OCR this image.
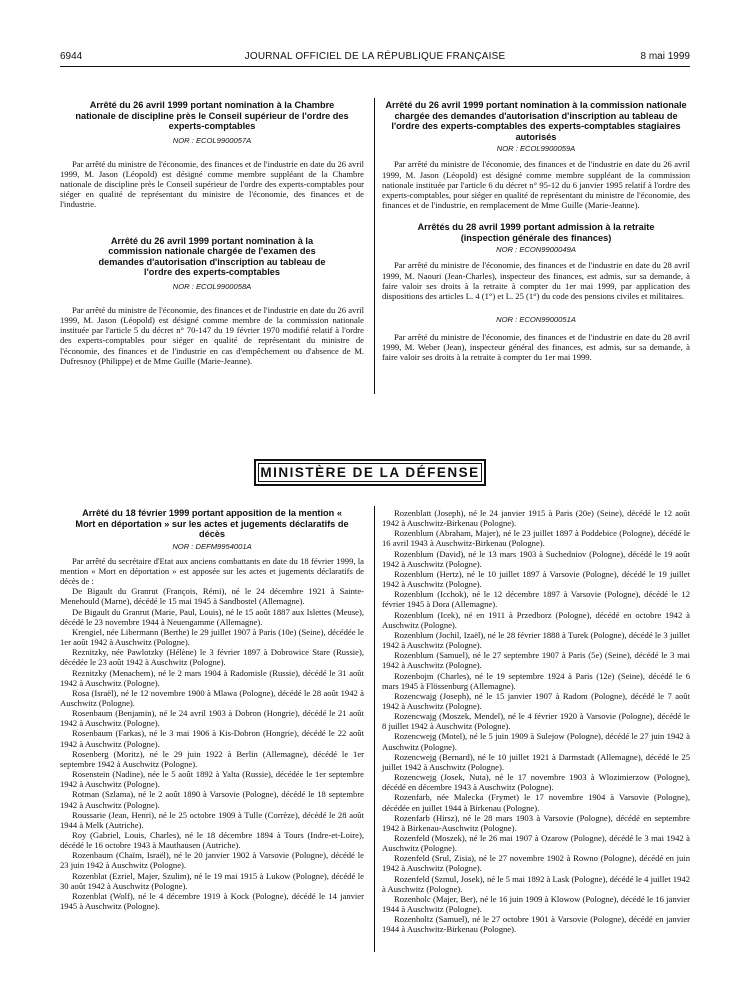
6944	JOURNAL OFFICIEL DE LA RÉPUBLIQUE FRANÇAISE	8 mai 1999

Arrêté du 26 avril 1999 portant nomination à la Chambre nationale de discipline près le Conseil supérieur de l'ordre des experts-comptables

NOR : ECOL9900057A

Par arrêté du ministre de l'économie, des finances et de l'industrie en date du 26 avril 1999, M. Jason (Léopold) est désigné comme membre suppléant de la Chambre nationale de discipline près le Conseil supérieur de l'ordre des experts-comptables pour siéger en qualité de représentant du ministre de l'économie, des finances et de l'industrie.

Arrêté du 26 avril 1999 portant nomination à la commission nationale chargée de l'examen des demandes d'autorisation d'inscription au tableau de l'ordre des experts-comptables

NOR : ECOL9900058A

Par arrêté du ministre de l'économie, des finances et de l'industrie en date du 26 avril 1999, M. Jason (Léopold) est désigné comme membre de la commission nationale instituée par l'article 5 du décret n° 70-147 du 19 février 1970 modifié relatif à l'ordre des experts-comptables pour siéger en qualité de représentant du ministre de l'économie, des finances et de l'industrie en cas d'empêchement ou d'absence de M. Dufresnoy (Philippe) et de Mme Guille (Marie-Jeanne).

Arrêté du 26 avril 1999 portant nomination à la commission nationale chargée des demandes d'autorisation d'inscription au tableau de l'ordre des experts-comptables des experts-comptables stagiaires autorisés

NOR : ECOL9900059A

Par arrêté du ministre de l'économie, des finances et de l'industrie en date du 26 avril 1999, M. Jason (Léopold) est désigné comme membre suppléant de la commission nationale instituée par l'article 6 du décret n° 95-12 du 6 janvier 1995 relatif à l'ordre des experts-comptables, pour siéger en qualité de représentant du ministre de l'économie, des finances et de l'industrie, en remplacement de Mme Guille (Marie-Jeanne).

Arrêtés du 28 avril 1999 portant admission à la retraite (inspection générale des finances)

NOR : ECON9900049A

Par arrêté du ministre de l'économie, des finances et de l'industrie en date du 28 avril 1999, M. Naouri (Jean-Charles), inspecteur des finances, est admis, sur sa demande, à faire valoir ses droits à la retraite à compter du 1er mai 1999, par application des dispositions des articles L. 4 (1°) et L. 25 (1°) du code des pensions civiles et militaires.

NOR : ECON9900051A

Par arrêté du ministre de l'économie, des finances et de l'industrie en date du 28 avril 1999, M. Weber (Jean), inspecteur général des finances, est admis, sur sa demande, à faire valoir ses droits à la retraite à compter du 1er mai 1999.

MINISTÈRE DE LA DÉFENSE

Arrêté du 18 février 1999 portant apposition de la mention « Mort en déportation » sur les actes et jugements déclaratifs de décès

NOR : DEFM9954001A

Par arrêté du secrétaire d'Etat aux anciens combattants en date du 18 février 1999, la mention « Mort en déportation » est apposée sur les actes et jugements déclaratifs de décès de :

De Bigault du Granrut (François, Rémi), né le 24 décembre 1921 à Sainte-Menehould (Marne), décédé le 15 mai 1945 à Sandbostel (Allemagne).

De Bigault du Granrut (Marie, Paul, Louis), né le 15 août 1887 aux Islettes (Meuse), décédé le 23 novembre 1944 à Neuengamme (Allemagne).

Krengiel, née Libermann (Berthe) le 29 juillet 1907 à Paris (10e) (Seine), décédée le 1er août 1942 à Auschwitz (Pologne).

Reznitzky, née Pawlotzky (Hélène) le 3 février 1897 à Dobrowice Stare (Russie), décédée le 23 août 1942 à Auschwitz (Pologne).

Reznitzky (Menachem), né le 2 mars 1904 à Radomisle (Russie), décédé le 31 août 1942 à Auschwitz (Pologne).

Rosa (Israël), né le 12 novembre 1900 à Mlawa (Pologne), décédé le 28 août 1942 à Auschwitz (Pologne).

Rosenbaum (Benjamin), né le 24 avril 1903 à Dobron (Hongrie), décédé le 21 août 1942 à Auschwitz (Pologne).

Rosenbaum (Farkas), né le 3 mai 1906 à Kis-Dobron (Hongrie), décédé le 22 août 1942 à Auschwitz (Pologne).

Rosenberg (Moritz), né le 29 juin 1922 à Berlin (Allemagne), décédé le 1er septembre 1942 à Auschwitz (Pologne).

Rosenstein (Nadine), née le 5 août 1892 à Yalta (Russie), décédée le 1er septembre 1942 à Auschwitz (Pologne).

Rotman (Szlama), né le 2 août 1890 à Varsovie (Pologne), décédé le 18 septembre 1942 à Auschwitz (Pologne).

Roussarie (Jean, Henri), né le 25 octobre 1909 à Tulle (Corrèze), décédé le 28 août 1944 à Melk (Autriche).

Roy (Gabriel, Louis, Charles), né le 18 décembre 1894 à Tours (Indre-et-Loire), décédé le 16 octobre 1943 à Mauthausen (Autriche).

Rozenbaum (Chaïm, Israël), né le 20 janvier 1902 à Varsovie (Pologne), décédé le 23 juin 1942 à Auschwitz (Pologne).

Rozenblat (Ezriel, Majer, Szulim), né le 19 mai 1915 à Lukow (Pologne), décédé le 30 août 1942 à Auschwitz (Pologne).

Rozenblat (Wolf), né le 4 décembre 1919 à Kock (Pologne), décédé le 14 janvier 1945 à Auschwitz (Pologne).

Rozenblatt (Joseph), né le 24 janvier 1915 à Paris (20e) (Seine), décédé le 12 août 1942 à Auschwitz-Birkenau (Pologne).

Rozenblum (Abraham, Majer), né le 23 juillet 1897 à Poddebice (Pologne), décédé le 16 avril 1943 à Auschwitz-Birkenau (Pologne).

Rozenblum (David), né le 13 mars 1903 à Suchedniov (Pologne), décédé le 19 août 1942 à Auschwitz (Pologne).

Rozenblum (Hertz), né le 10 juillet 1897 à Varsovie (Pologne), décédé le 19 juillet 1942 à Auschwitz (Pologne).

Rozenblum (Icchok), né le 12 décembre 1897 à Varsovie (Pologne), décédé le 12 février 1945 à Dora (Allemagne).

Rozenblum (Icek), né en 1911 à Przedborz (Pologne), décédé en octobre 1942 à Auschwitz (Pologne).

Rozenblum (Jochil, Izaël), né le 28 février 1888 à Turek (Pologne), décédé le 3 juillet 1942 à Auschwitz (Pologne).

Rozenblum (Samuel), né le 27 septembre 1907 à Paris (5e) (Seine), décédé le 3 mai 1942 à Auschwitz (Pologne).

Rozenbojm (Charles), né le 19 septembre 1924 à Paris (12e) (Seine), décédé le 6 mars 1945 à Flössenburg (Allemagne).

Rozencwajg (Joseph), né le 15 janvier 1907 à Radom (Pologne), décédé le 7 août 1942 à Auschwitz (Pologne).

Rozencwajg (Moszek, Mendel), né le 4 février 1920 à Varsovie (Pologne), décédé le 8 juillet 1942 à Auschwitz (Pologne).

Rozencwejg (Motel), né le 5 juin 1909 à Sulejow (Pologne), décédé le 27 juin 1942 à Auschwitz (Pologne).

Rozencwejg (Bernard), né le 10 juillet 1921 à Darmstadt (Allemagne), décédé le 25 juillet 1942 à Auschwitz (Pologne).

Rozencwejg (Josek, Nuta), né le 17 novembre 1903 à Wlozimierzow (Pologne), décédé en décembre 1943 à Auschwitz (Pologne).

Rozenfarb, née Malecka (Frymet) le 17 novembre 1904 à Varsovie (Pologne), décédée en juillet 1944 à Birkenau (Pologne).

Rozenfarb (Hirsz), né le 28 mars 1903 à Varsovie (Pologne), décédé en septembre 1942 à Birkenau-Auschwitz (Pologne).

Rozenfeld (Moszek), né le 26 mai 1907 à Ozarow (Pologne), décédé le 3 mai 1942 à Auschwitz (Pologne).

Rozenfeld (Srul, Zisia), né le 27 novembre 1902 à Rowno (Pologne), décédé en juin 1942 à Auschwitz (Pologne).

Rozenfeld (Szmul, Josek), né le 5 mai 1892 à Lask (Pologne), décédé le 4 juillet 1942 à Auschwitz (Pologne).

Rozenholc (Majer, Ber), né le 16 juin 1909 à Klowow (Pologne), décédé le 16 janvier 1944 à Auschwitz (Pologne).

Rozenholtz (Samuel), né le 27 octobre 1901 à Varsovie (Pologne), décédé en janvier 1944 à Auschwitz-Birkenau (Pologne).
